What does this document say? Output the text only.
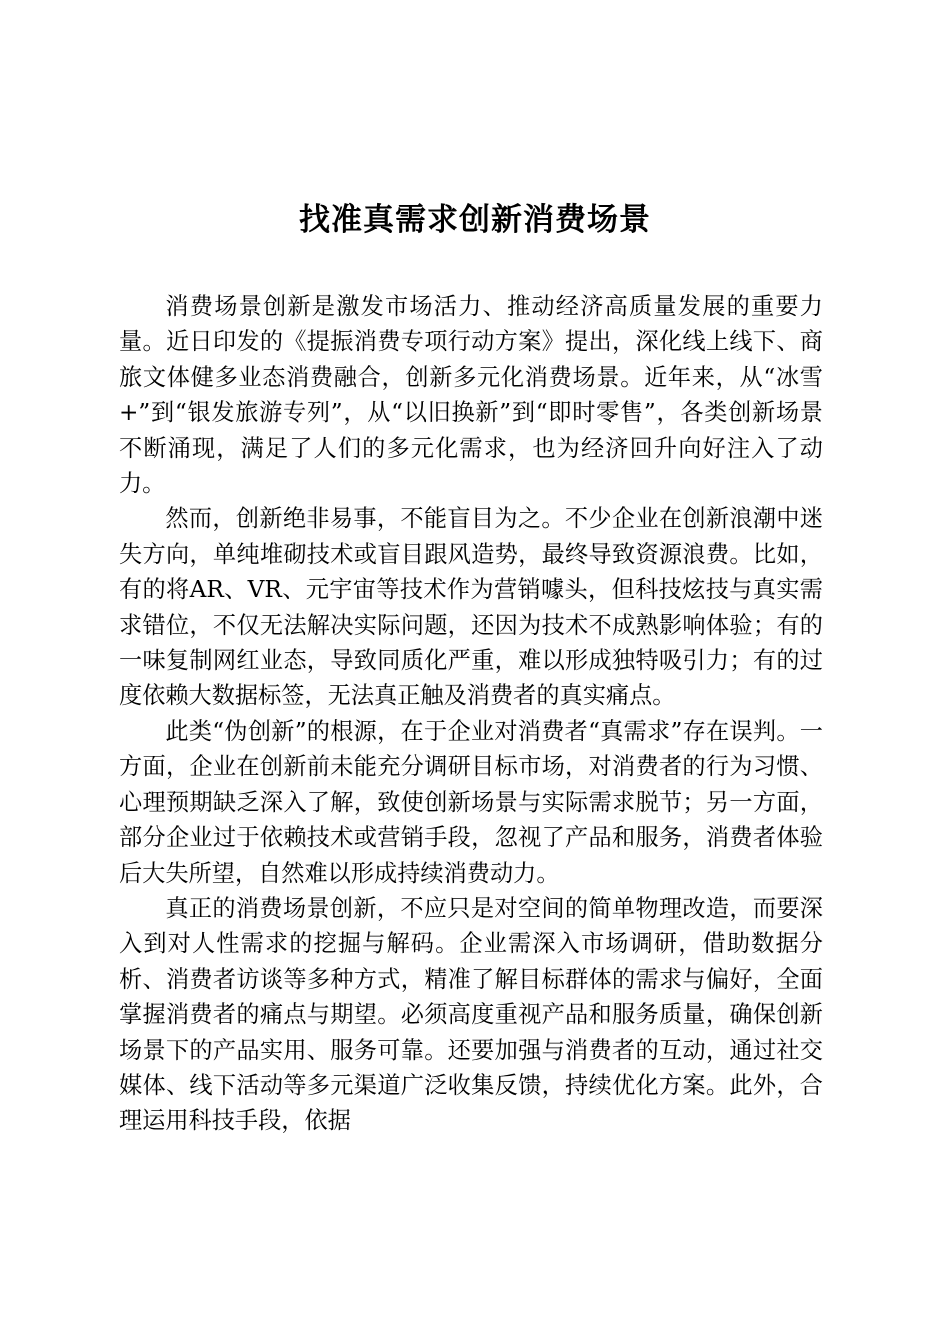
找准真需求创新消费场景

消费场景创新是激发市场活力、推动经济高质量发展的重要力量。近日印发的《提振消费专项行动方案》提出，深化线上线下、商旅文体健多业态消费融合，创新多元化消费场景。近年来，从“冰雪+”到“银发旅游专列”，从“以旧换新”到“即时零售”，各类创新场景不断涌现，满足了人们的多元化需求，也为经济回升向好注入了动力。

然而，创新绝非易事，不能盲目为之。不少企业在创新浪潮中迷失方向，单纯堆砌技术或盲目跟风造势，最终导致资源浪费。比如，有的将AR、VR、元宇宙等技术作为营销噱头，但科技炫技与真实需求错位，不仅无法解决实际问题，还因为技术不成熟影响体验；有的一味复制网红业态，导致同质化严重，难以形成独特吸引力；有的过度依赖大数据标签，无法真正触及消费者的真实痛点。

此类“伪创新”的根源，在于企业对消费者“真需求”存在误判。一方面，企业在创新前未能充分调研目标市场，对消费者的行为习惯、心理预期缺乏深入了解，致使创新场景与实际需求脱节；另一方面，部分企业过于依赖技术或营销手段，忽视了产品和服务，消费者体验后大失所望，自然难以形成持续消费动力。

真正的消费场景创新，不应只是对空间的简单物理改造，而要深入到对人性需求的挖掘与解码。企业需深入市场调研，借助数据分析、消费者访谈等多种方式，精准了解目标群体的需求与偏好，全面掌握消费者的痛点与期望。必须高度重视产品和服务质量，确保创新场景下的产品实用、服务可靠。还要加强与消费者的互动，通过社交媒体、线下活动等多元渠道广泛收集反馈，持续优化方案。此外，合理运用科技手段，依据
